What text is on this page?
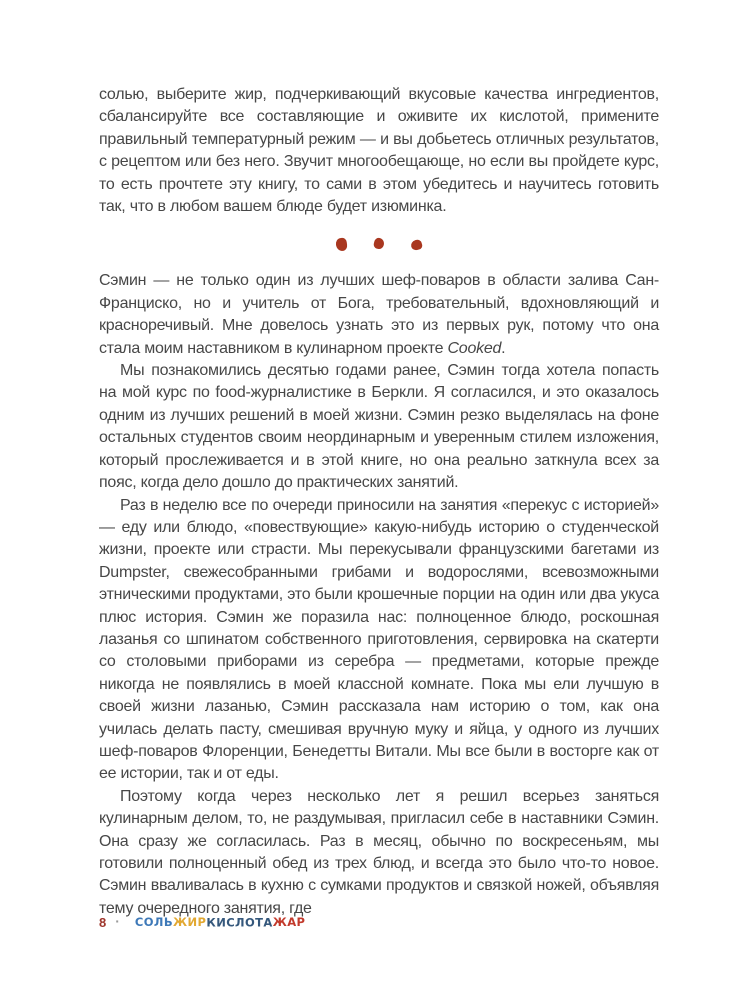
солью, выберите жир, подчеркивающий вкусовые качества ингредиентов, сбалансируйте все составляющие и оживите их кислотой, примените правильный температурный режим — и вы добьетесь отличных результатов, с рецептом или без него. Звучит многообещающе, но если вы пройдете курс, то есть прочтете эту книгу, то сами в этом убедитесь и научитесь готовить так, что в любом вашем блюде будет изюминка.

Сэмин — не только один из лучших шеф-поваров в области залива Сан-Франциско, но и учитель от Бога, требовательный, вдохновляющий и красноречивый. Мне довелось узнать это из первых рук, потому что она стала моим наставником в кулинарном проекте Cooked.

Мы познакомились десятью годами ранее, Сэмин тогда хотела попасть на мой курс по food-журналистике в Беркли. Я согласился, и это оказалось одним из лучших решений в моей жизни. Сэмин резко выделялась на фоне остальных студентов своим неординарным и уверенным стилем изложения, который прослеживается и в этой книге, но она реально заткнула всех за пояс, когда дело дошло до практических занятий.

Раз в неделю все по очереди приносили на занятия «перекус с историей» — еду или блюдо, «повествующие» какую-нибудь историю о студенческой жизни, проекте или страсти. Мы перекусывали французскими багетами из Dumpster, свежесобранными грибами и водорослями, всевозможными этническими продуктами, это были крошечные порции на один или два укуса плюс история. Сэмин же поразила нас: полноценное блюдо, роскошная лазанья со шпинатом собственного приготовления, сервировка на скатерти со столовыми приборами из серебра — предметами, которые прежде никогда не появлялись в моей классной комнате. Пока мы ели лучшую в своей жизни лазанью, Сэмин рассказала нам историю о том, как она училась делать пасту, смешивая вручную муку и яйца, у одного из лучших шеф-поваров Флоренции, Бенедетты Витали. Мы все были в восторге как от ее истории, так и от еды.

Поэтому когда через несколько лет я решил всерьез заняться кулинарным делом, то, не раздумывая, пригласил себе в наставники Сэмин. Она сразу же согласилась. Раз в месяц, обычно по воскресеньям, мы готовили полноценный обед из трех блюд, и всегда это было что-то новое. Сэмин вваливалась в кухню с сумками продуктов и связкой ножей, объявляя тему очередного занятия, где

8 · СОЛЬ ЖИР КИСЛОТА ЖАР
